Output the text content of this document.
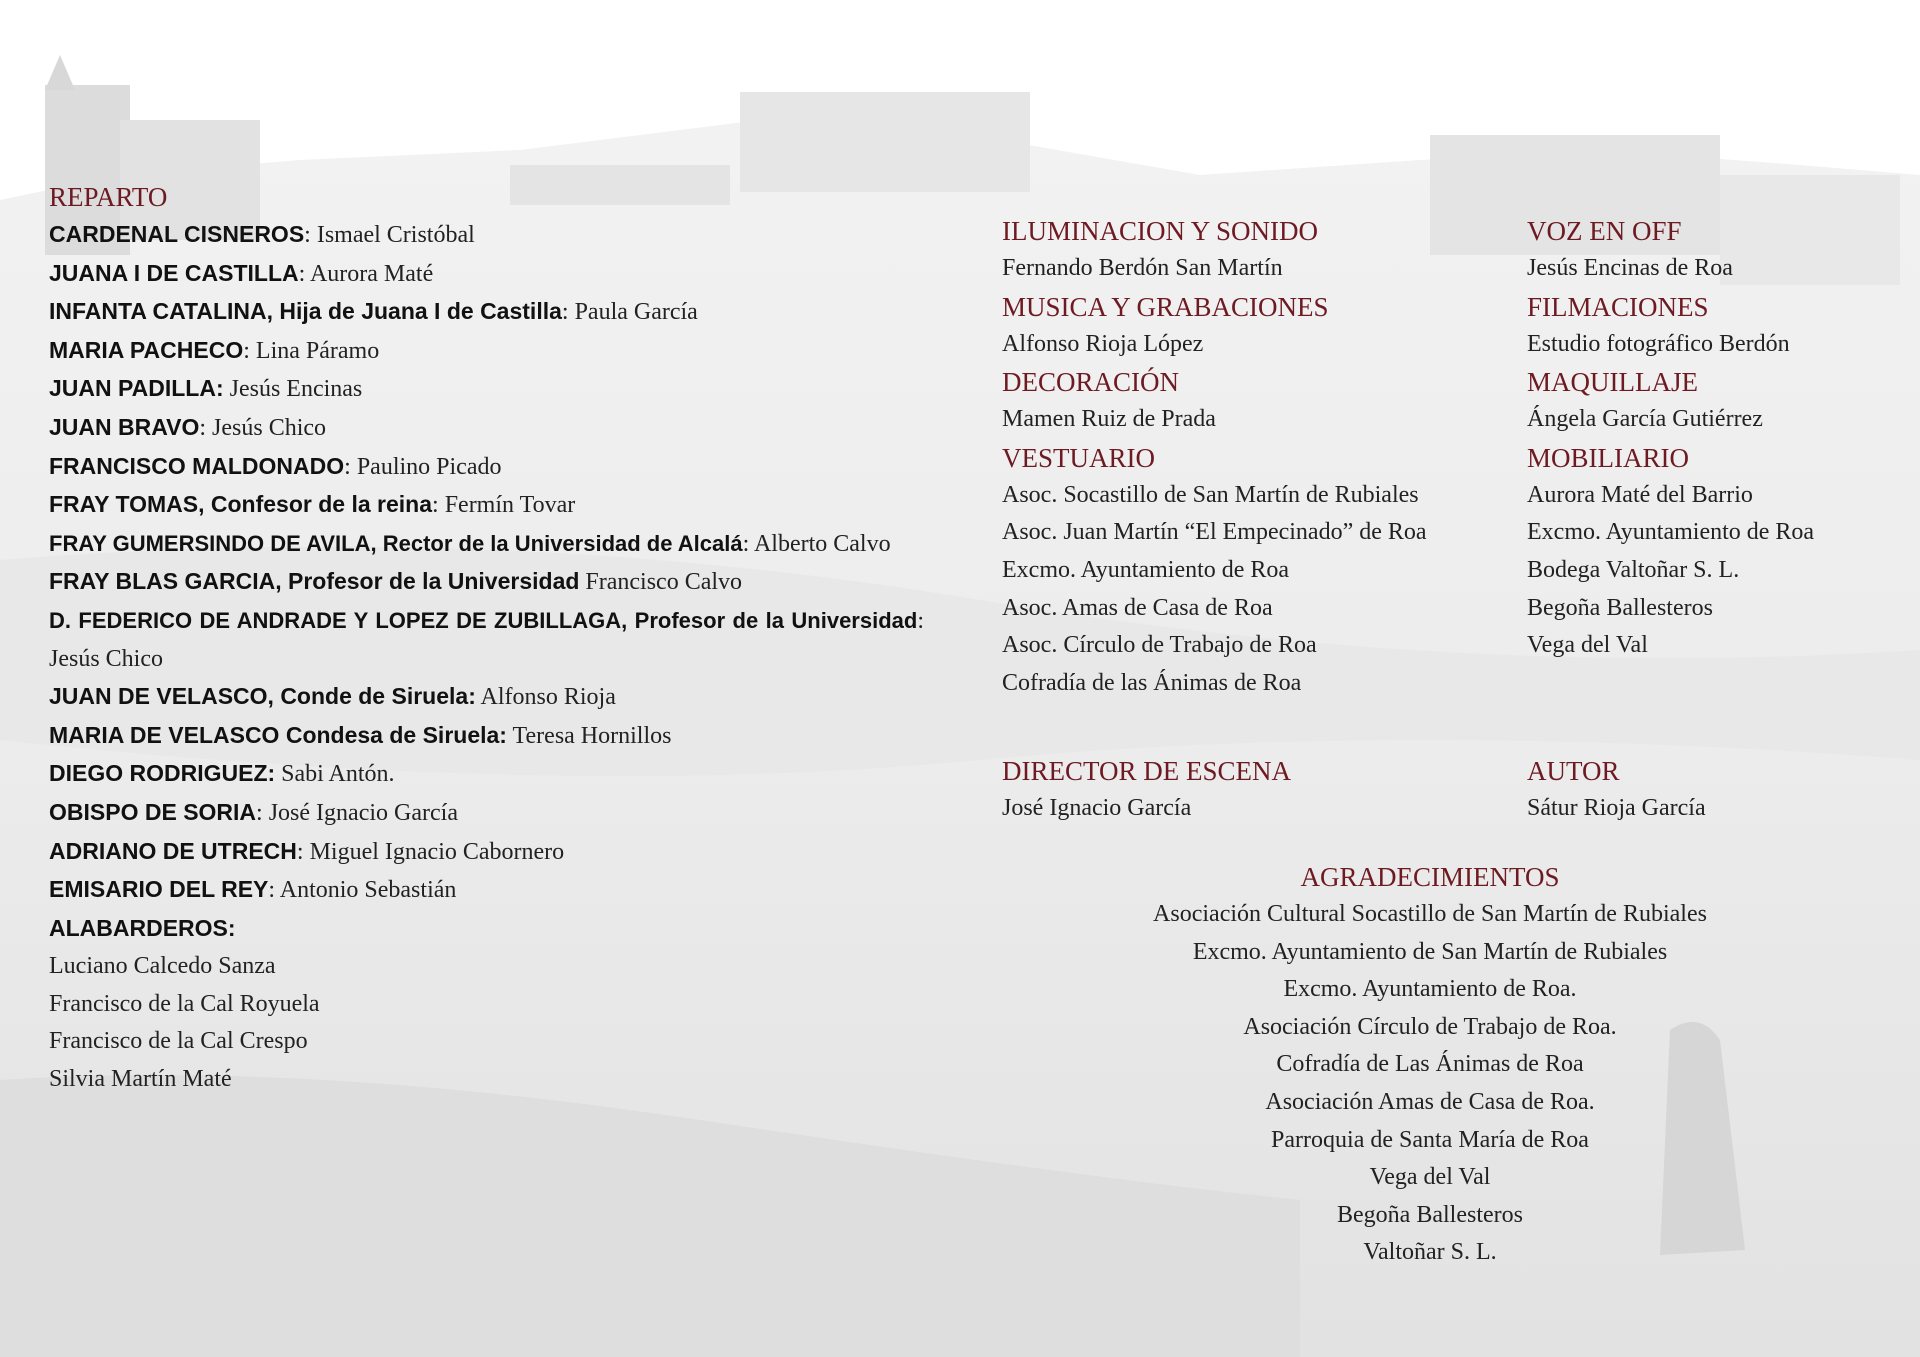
REPARTO
CARDENAL CISNEROS: Ismael Cristóbal
JUANA I DE CASTILLA: Aurora Maté
INFANTA CATALINA, Hija de Juana I de Castilla: Paula García
MARIA PACHECO: Lina Páramo
JUAN PADILLA: Jesús Encinas
JUAN BRAVO: Jesús Chico
FRANCISCO MALDONADO: Paulino Picado
FRAY TOMAS, Confesor de la reina: Fermín Tovar
FRAY GUMERSINDO DE AVILA, Rector de la Universidad de Alcalá: Alberto Calvo
FRAY BLAS GARCIA, Profesor de la Universidad Francisco Calvo
D. FEDERICO DE ANDRADE Y LOPEZ DE ZUBILLAGA, Profesor de la Universidad: Jesús Chico
JUAN DE VELASCO, Conde de Siruela: Alfonso Rioja
MARIA DE VELASCO Condesa de Siruela: Teresa Hornillos
DIEGO RODRIGUEZ: Sabi Antón.
OBISPO DE SORIA: José Ignacio García
ADRIANO DE UTRECH: Miguel Ignacio Cabornero
EMISARIO DEL REY: Antonio Sebastián
ALABARDEROS:
Luciano Calcedo Sanza
Francisco de la Cal Royuela
Francisco de la Cal Crespo
Silvia Martín Maté
ILUMINACION Y SONIDO
Fernando Berdón San Martín
MUSICA Y GRABACIONES
Alfonso Rioja López
DECORACIÓN
Mamen Ruiz de Prada
VESTUARIO
Asoc. Socastillo de San Martín de Rubiales
Asoc. Juan Martín “El Empecinado” de Roa
Excmo. Ayuntamiento de Roa
Asoc. Amas de Casa de Roa
Asoc. Círculo de Trabajo de Roa
Cofradía de las Ánimas de Roa
VOZ EN OFF
Jesús Encinas de Roa
FILMACIONES
Estudio fotográfico Berdón
MAQUILLAJE
Ángela García Gutiérrez
MOBILIARIO
Aurora Maté del Barrio
Excmo. Ayuntamiento de Roa
Bodega Valtoñar S. L.
Begoña Ballesteros
Vega del Val
DIRECTOR DE ESCENA
José Ignacio García
AUTOR
Sátur Rioja García
AGRADECIMIENTOS
Asociación Cultural Socastillo de San Martín de Rubiales
Excmo. Ayuntamiento de San Martín de Rubiales
Excmo. Ayuntamiento de Roa.
Asociación Círculo de Trabajo de Roa.
Cofradía de Las Ánimas de Roa
Asociación Amas de Casa de Roa.
Parroquia de Santa María de Roa
Vega del Val
Begoña Ballesteros
Valtoñar S. L.
